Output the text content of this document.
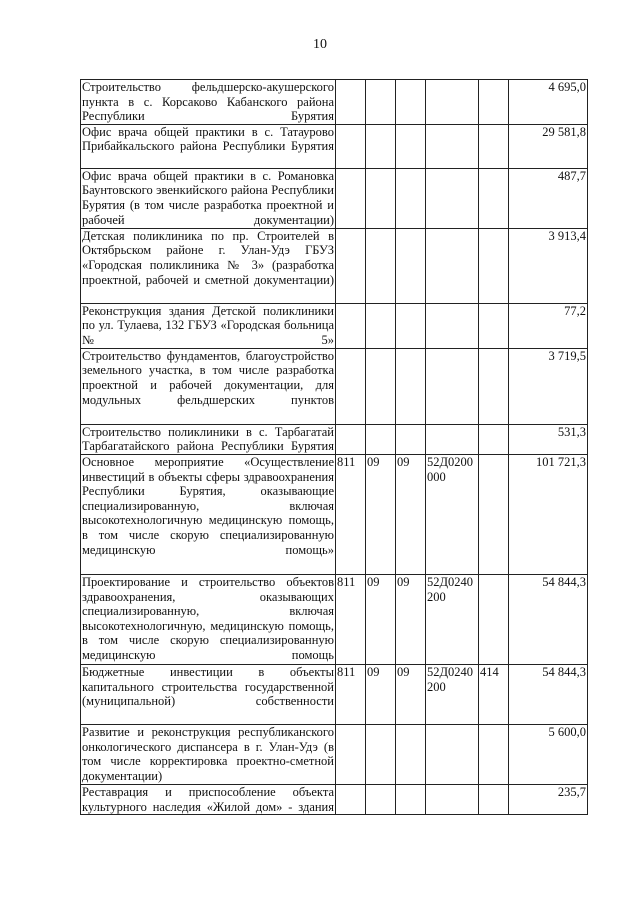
10
Строительство фельдшерско-акушерского пункта в с. Корсаково Кабанского района Республики Бурятия						4 695,0
Офис врача общей практики в с. Татаурово Прибайкальского района Республики Бурятия						29 581,8
Офис врача общей практики в с. Романовка Баунтовского эвенкийского района Республики Бурятия (в том числе разработка проектной и рабочей документации)						487,7
Детская поликлиника по пр. Строителей в Октябрьском районе г. Улан-Удэ ГБУЗ «Городская поликлиника № 3» (разработка проектной, рабочей и сметной документации)						3 913,4
Реконструкция здания Детской поликлиники по ул. Тулаева, 132 ГБУЗ «Городская больница № 5»						77,2
Строительство фундаментов, благоустройство земельного участка, в том числе разработка проектной и рабочей документации, для модульных фельдшерских пунктов						3 719,5
Строительство поликлиники в с. Тарбагатай Тарбагатайского района Республики Бурятия						531,3
Основное мероприятие «Осуществление инвестиций в объекты сферы здравоохранения Республики Бурятия, оказывающие специализированную, включая высокотехнологичную медицинскую помощь, в том числе скорую специализированную медицинскую помощь»	811	09	09	52Д0200 000		101 721,3
Проектирование и строительство объектов здравоохранения, оказывающих специализированную, включая высокотехнологичную, медицинскую помощь, в том числе скорую специализированную медицинскую помощь	811	09	09	52Д0240 200		54 844,3
Бюджетные инвестиции в объекты капитального строительства государственной (муниципальной) собственности	811	09	09	52Д0240 200	414	54 844,3
Развитие и реконструкция республиканского онкологического диспансера в г. Улан-Удэ (в том числе корректировка проектно-сметной документации)						5 600,0
Реставрация и приспособление объекта культурного наследия «Жилой дом» - здания						235,7
